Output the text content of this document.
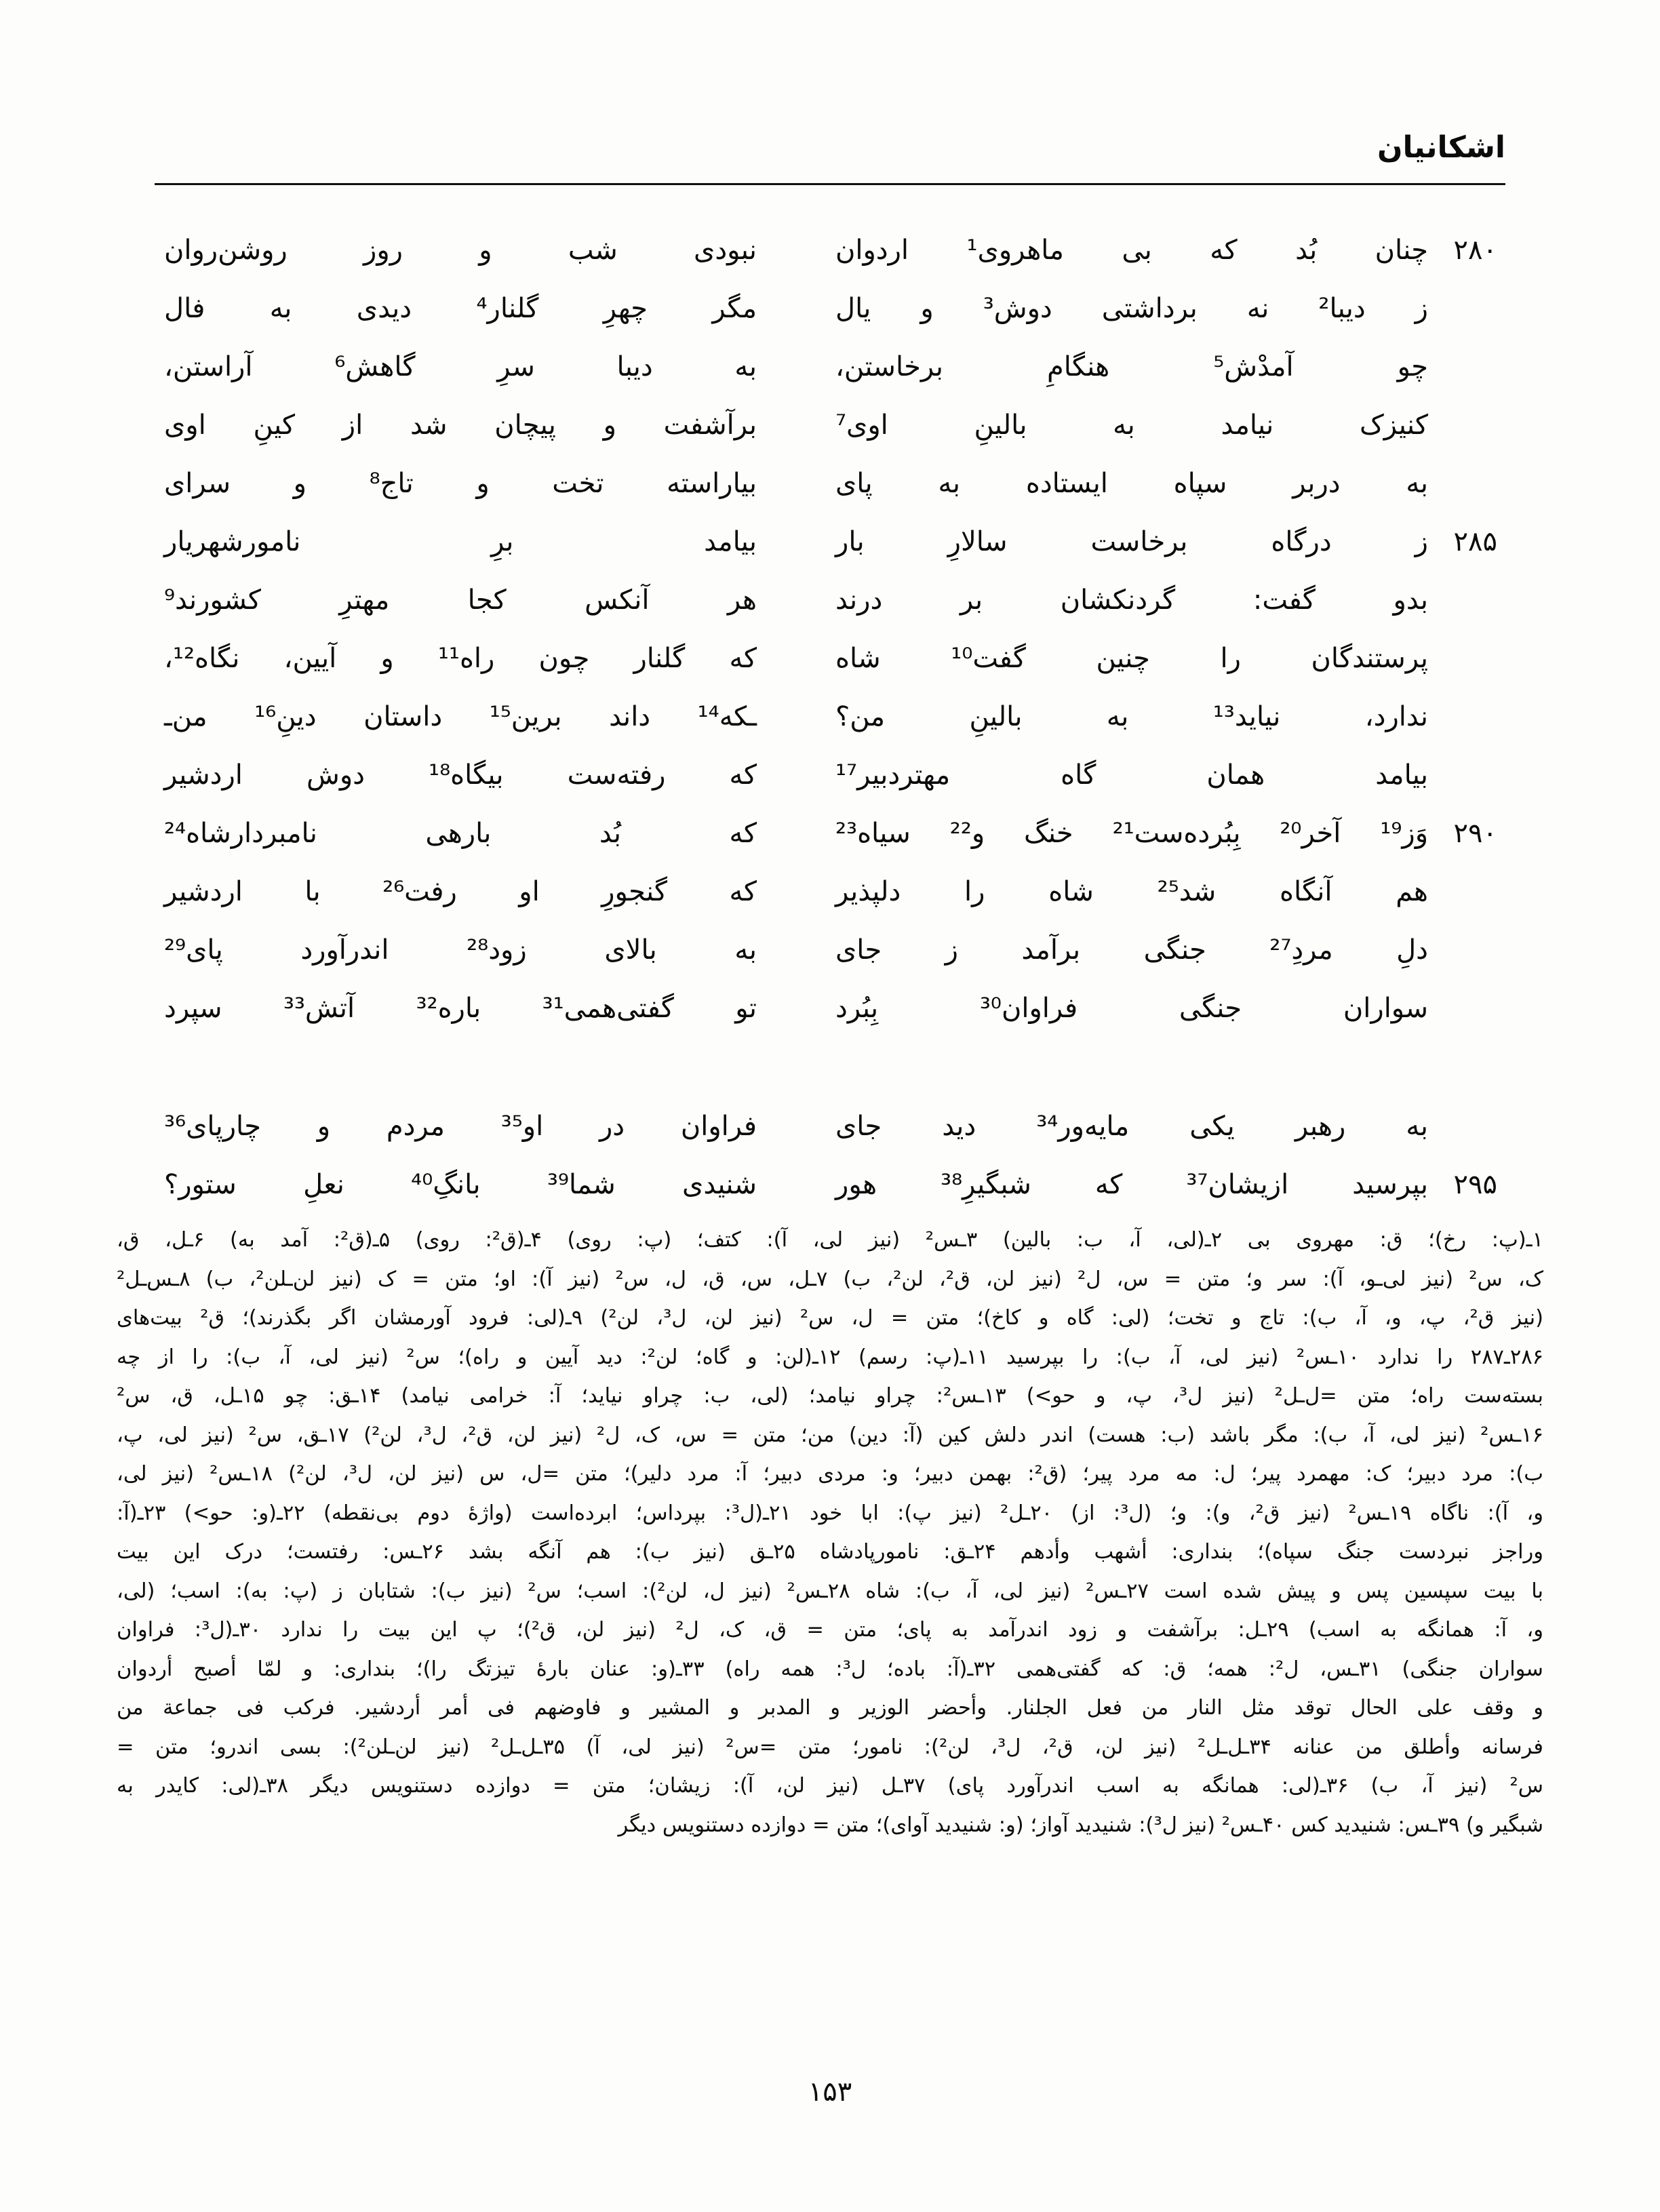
اشکانیان
۲۸۰
چنان بُد که بی ماهروی¹ اردوان
نبودی شب و روز روشن‌روان
ز دیبا² نه برداشتی دوش³ و یال
مگر چهرِ گلنار⁴ دیدی به فال
چو آمدْش⁵ هنگامِ برخاستن،
به دیبا سرِ گاهش⁶ آراستن،
کنیزک نیامد به بالینِ اوی⁷
برآشفت و پیچان شد از کینِ اوی
به دربر سپاه ایستاده به پای
بیاراسته تخت و تاج⁸ و سرای
۲۸۵
ز درگاه برخاست سالارِ بار
بیامد برِ نامورشهریار
بدو گفت: گردنکشان بر درند
هر آنکس کجا مهترِ کشورند⁹
پرستندگان را چنین گفت¹⁰ شاه
که گلنار چون راه¹¹ و آیین، نگاه¹²،
ندارد، نیاید¹³ به بالینِ من؟
ـکه¹⁴ داند برین¹⁵ داستان دینِ¹⁶ من‌ـ
بیامد همان گاه مهتردبیر¹⁷
که رفته‌ست بیگاه¹⁸ دوش اردشیر
۲۹۰
وَز¹⁹ آخر²⁰ بِبُرده‌ست²¹ خنگ و²² سیاه²³
که بُد بارهی نامبردارشاه²⁴
هم آنگاه شد²⁵ شاه را دلپذیر
که گنجورِ او رفت²⁶ با اردشیر
دلِ مردِ²⁷ جنگی برآمد ز جای
به بالای زود²⁸ اندرآورد پای²⁹
سواران جنگی فراوان³⁰ بِبُرد
تو گفتی‌همی³¹ باره³² آتش³³ سپرد
به رهبر یکی مایه‌ور³⁴ دید جای
فراوان در او³⁵ مردم و چارپای³⁶
۲۹۵
بپرسید ازیشان³⁷ که شبگیرِ³⁸ هور
شنیدی شما³⁹ بانگِ⁴⁰ نعلِ ستور؟
۱ـ(پ: رخ)؛ ق: مهروی بی ۲ـ(لی، آ، ب: بالین) ۳ـس² (نیز لی، آ): کتف؛ (پ: روی) ۴ـ(ق²: روی) ۵ـ(ق²: آمد به) ۶ـل، ق،
ک، س² (نیز لی‌ـو، آ): سر و؛ متن = س، ل² (نیز لن، ق²، لن²، ب) ۷ـل، س، ق، ل، س² (نیز آ): او؛ متن = ک (نیز لن‌ـلن²، ب) ۸ـس‌ـل²
(نیز ق²، پ، و، آ، ب): تاج و تخت؛ (لی: گاه و کاخ)؛ متن = ل، س² (نیز لن، ل³، لن²) ۹ـ(لی: فرود آورمشان اگر بگذرند)؛ ق² بیت‌های
۲۸۶ـ۲۸۷ را ندارد ۱۰ـس² (نیز لی، آ، ب): را بپرسید ۱۱ـ(پ: رسم) ۱۲ـ(لن: و گاه؛ لن²: دید آیین و راه)؛ س² (نیز لی، آ، ب): را از چه
بسته‌ست راه؛ متن =ل‌ـل² (نیز ل³، پ، و‌ حو>) ۱۳ـس²: چراو نیامد؛ (لی، ب: چراو نیاید؛ آ: خرامی نیامد) ۱۴ـق: چو ۱۵ـل، ق، س²
۱۶ـس² (نیز لی، آ، ب): مگر باشد (ب: هست) اندر دلش کین (آ: دین) من؛ متن = س، ک، ل² (نیز لن، ق²، ل³، لن²) ۱۷ـق، س² (نیز لی، پ،
ب): مرد دبیر؛ ک: مهمرد پیر؛ ل: مه مرد پیر؛ (ق²: بهمن دبیر؛ و: مردی دبیر؛ آ: مرد دلیر)؛ متن =ل، س (نیز لن، ل³، لن²) ۱۸ـس² (نیز لی،
و، آ): ناگاه ۱۹ـس² (نیز ق²، و): و؛ (ل³: از) ۲۰ـل² (نیز پ): ابا خود ۲۱ـ(ل³: بپردا‌س؛ ابرده‌است (واژهٔ دوم بی‌نقطه) ۲۲ـ(و: حو>) ۲۳ـ(آ:
وراجز نبردست جنگ سپاه)؛ بنداری: أشهب وأدهم ۲۴ـق: نامورپادشاه ۲۵ـق (نیز ب): هم آنگه بشد ۲۶ـس: رفتست؛ درک این بیت
با بیت سپسین پس و پیش شده است ۲۷ـس² (نیز لی، آ، ب): شاه ۲۸ـس² (نیز ل، لن²): اسب؛ س² (نیز ب): شتابان ز (پ: به): اسب؛ (لی،
و، آ: همانگه به اسب) ۲۹ـل: برآشفت و زود اندرآمد به پای؛ متن = ق، ک، ل² (نیز لن، ق²)؛ پ این بیت را ندارد ۳۰ـ(ل³: فراوان
سواران جنگی) ۳۱ـس، ل²: همه؛ ق: که گفتی‌همی ۳۲ـ(آ: باده؛ ل³: همه راه) ۳۳ـ(و: عنان بارهٔ تیزتگ را)؛ بنداری: و لمّا أصبح أردوان
و وقف علی الحال توقد مثل النار من فعل الجلنار. وأحضر الوزیر و المدبر و المشیر و فاوضهم فی أمر أردشیر. فرکب فی جماعة من
فرسانه وأطلق من عنانه ۳۴ـل‌ـل² (نیز لن، ق²، ل³، لن²): نامور؛ متن =س² (نیز لی، آ) ۳۵ـل‌ـل² (نیز لن‌ـلن²): بسی اندرو؛ متن =
س² (نیز آ، ب) ۳۶ـ(لی: همانگه به اسب اندرآورد پای) ۳۷ـل (نیز لن، آ): زیشان؛ متن = دوازده دستنویس دیگر ۳۸ـ(لی: کایدر به
شبگیر و) ۳۹ـس: شنیدید کس ۴۰ـس² (نیز ل³): شنیدید آواز؛ (و: شنیدید آوای)؛ متن = دوازده دستنویس دیگر
۱۵۳
